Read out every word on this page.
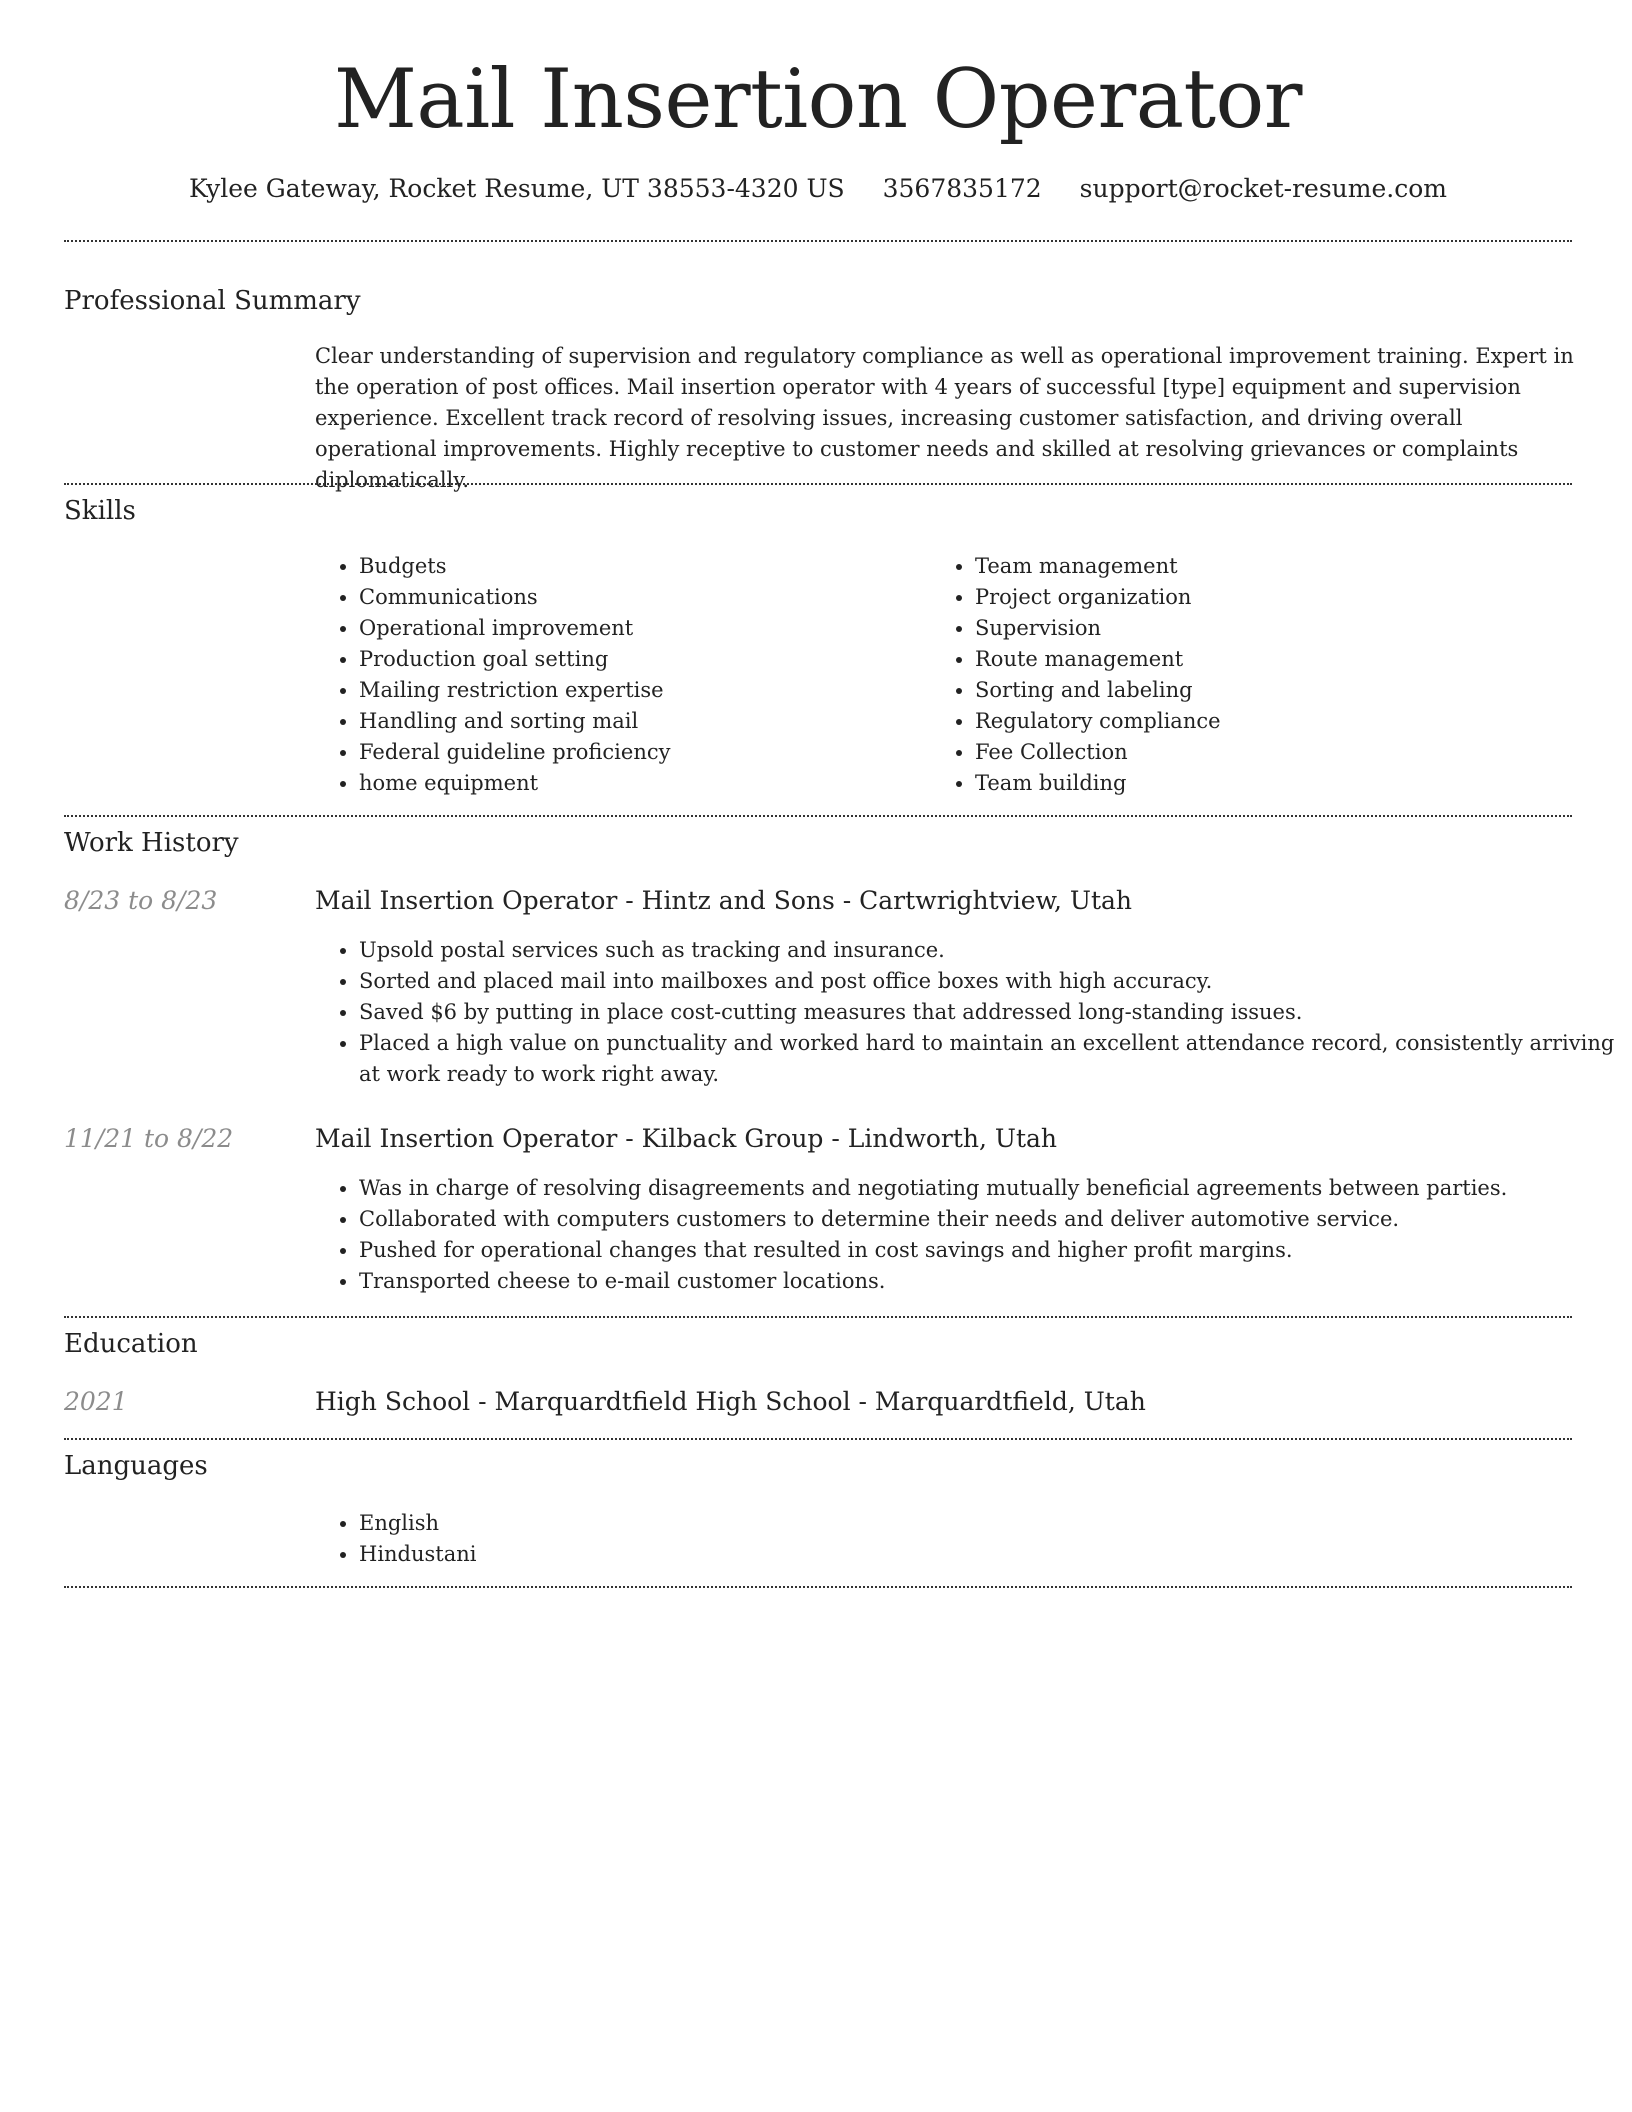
Mail Insertion Operator
Kylee Gateway, Rocket Resume, UT 38553-4320 US 3567835172 support@rocket-resume.com
Professional Summary

Clear understanding of supervision and regulatory compliance as well as operational improvement training. Expert in the operation of post offices. Mail insertion operator with 4 years of successful [type] equipment and supervision experience. Excellent track record of resolving issues, increasing customer satisfaction, and driving overall operational improvements. Highly receptive to customer needs and skilled at resolving grievances or complaints diplomatically.

Skills
• Budgets
• Communications
• Operational improvement
• Production goal setting
• Mailing restriction expertise
• Handling and sorting mail
• Federal guideline proficiency
• home equipment
• Team management
• Project organization
• Supervision
• Route management
• Sorting and labeling
• Regulatory compliance
• Fee Collection
• Team building
Work History
8/23 to 8/23	Mail Insertion Operator - Hintz and Sons - Cartwrightview, Utah
• Upsold postal services such as tracking and insurance.
• Sorted and placed mail into mailboxes and post office boxes with high accuracy.
• Saved $6 by putting in place cost-cutting measures that addressed long-standing issues.
• Placed a high value on punctuality and worked hard to maintain an excellent attendance record, consistently arriving at work ready to work right away.
11/21 to 8/22	Mail Insertion Operator - Kilback Group - Lindworth, Utah
• Was in charge of resolving disagreements and negotiating mutually beneficial agreements between parties.
• Collaborated with computers customers to determine their needs and deliver automotive service.
• Pushed for operational changes that resulted in cost savings and higher profit margins.
• Transported cheese to e-mail customer locations.
Education
2021	High School - Marquardtfield High School - Marquardtfield, Utah
Languages
• English
• Hindustani
